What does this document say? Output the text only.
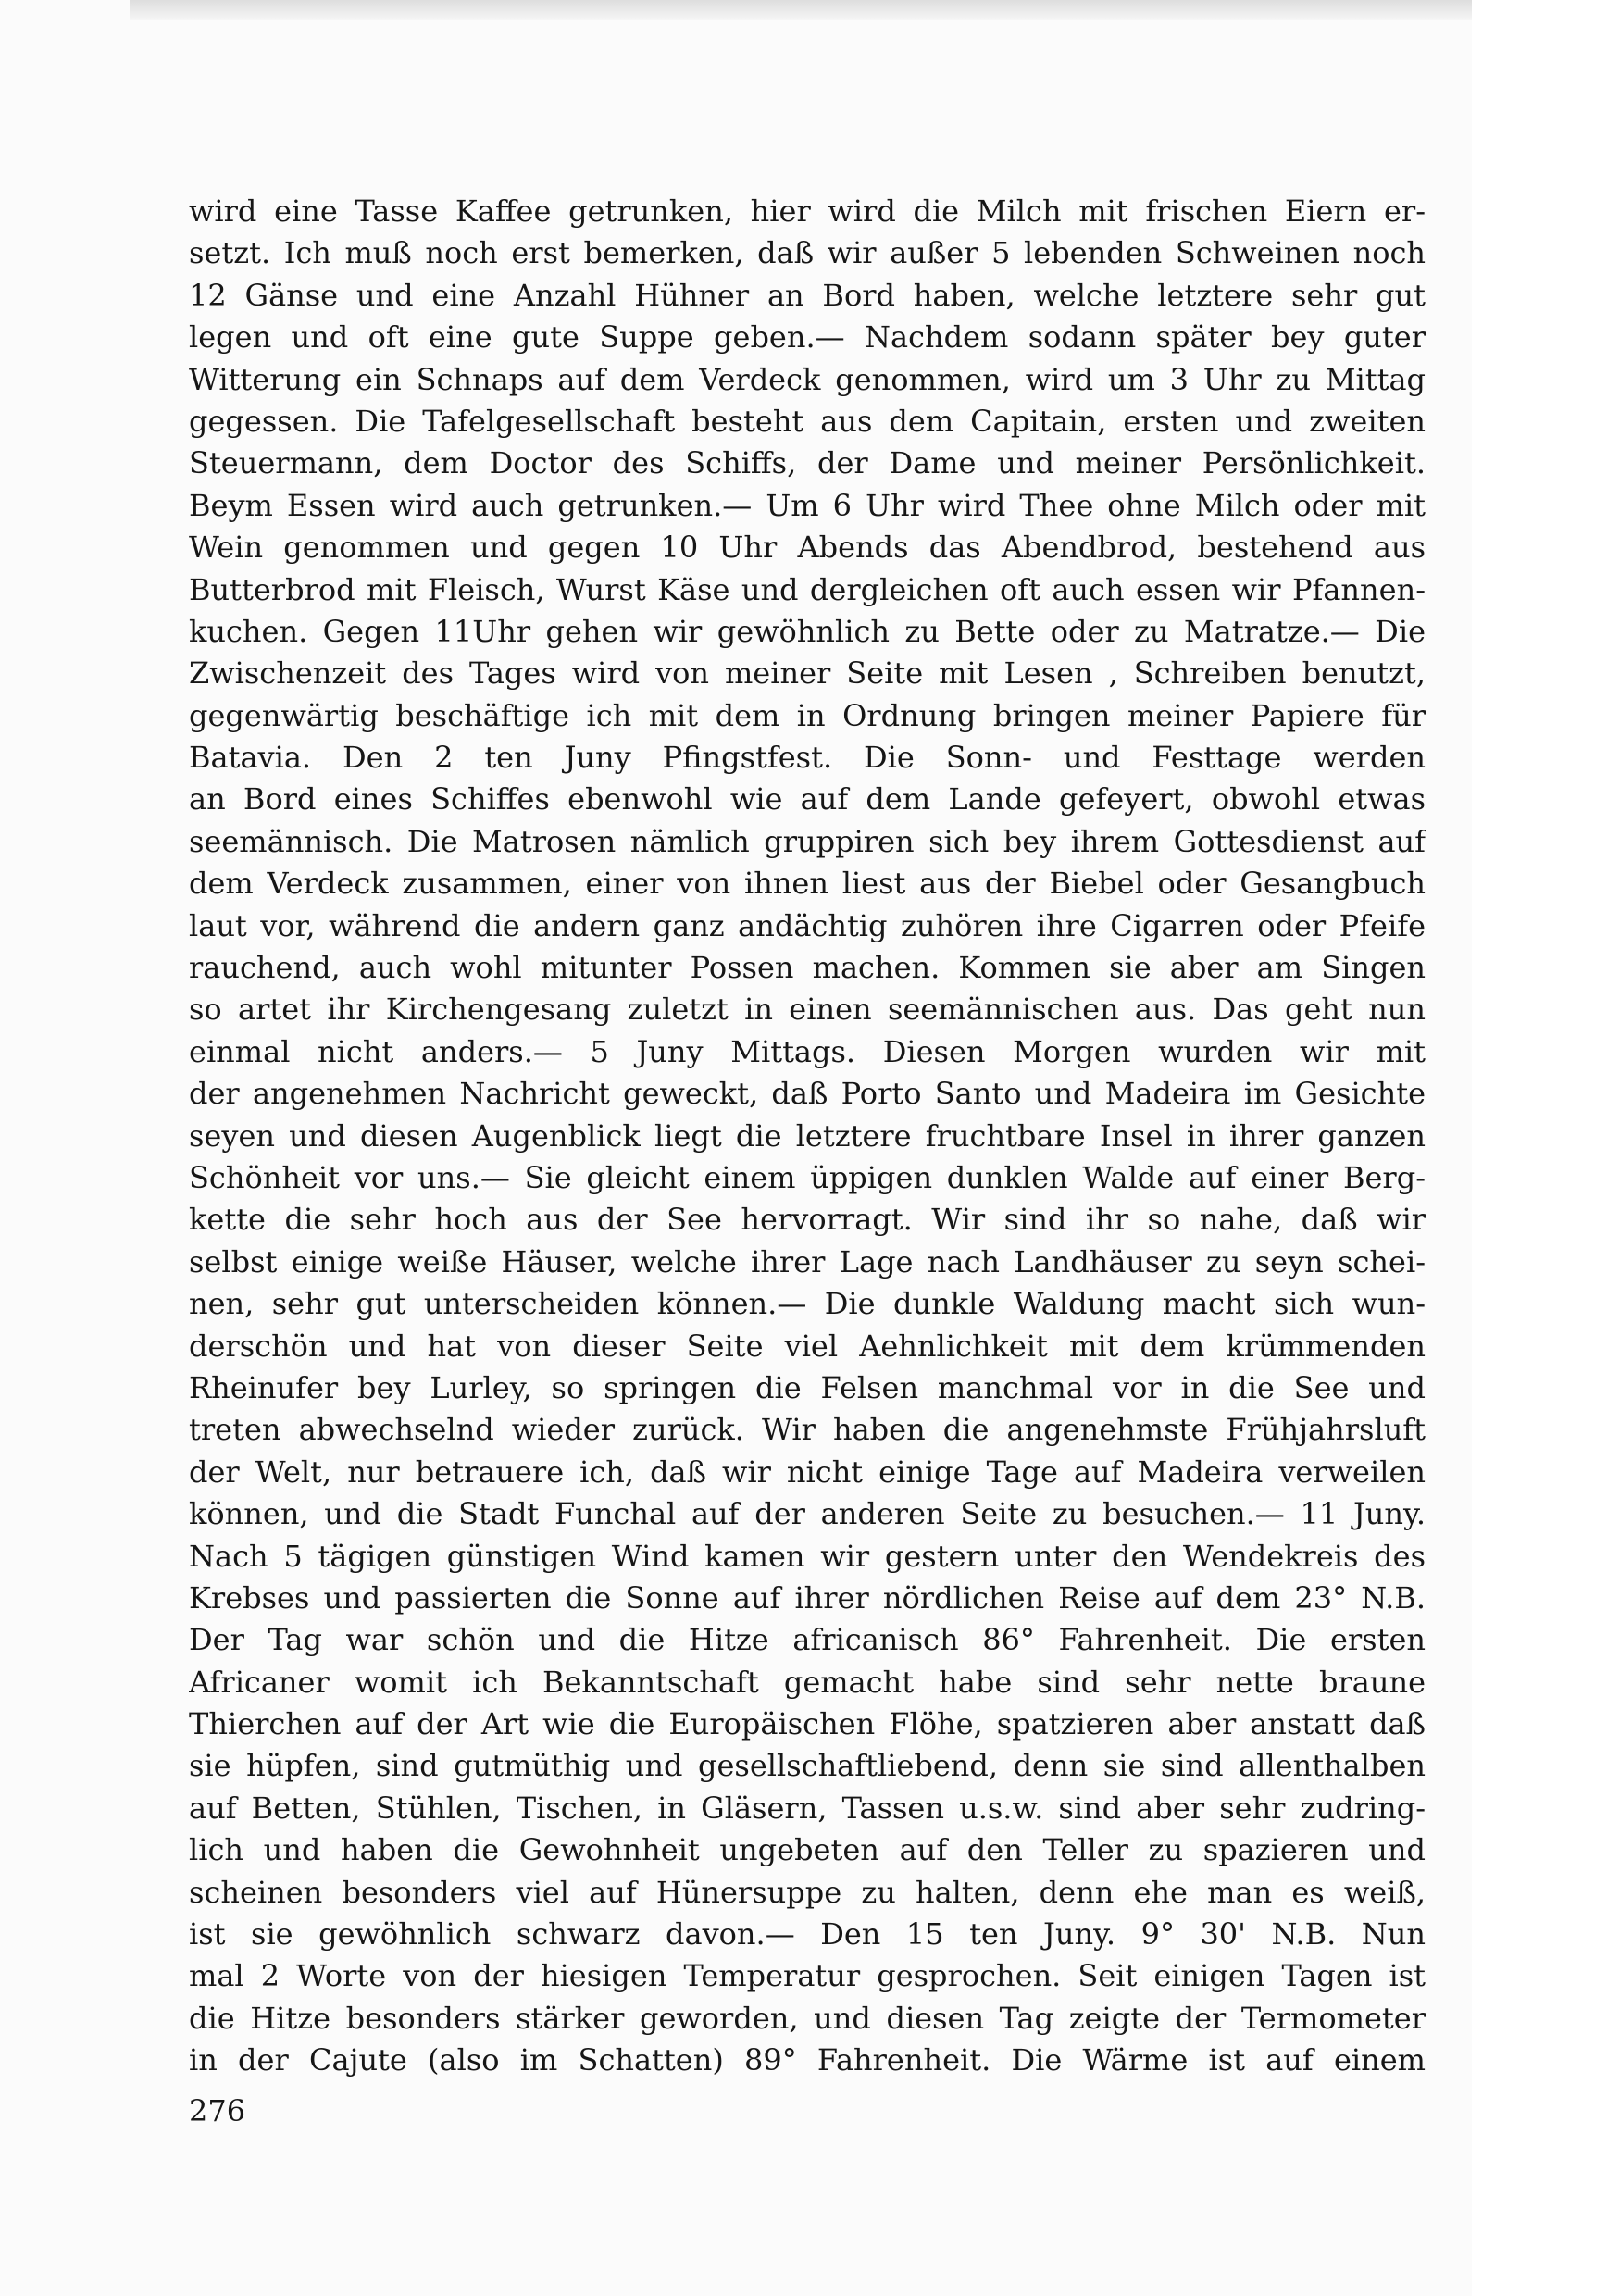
wird eine Tasse Kaffee getrunken, hier wird die Milch mit frischen Eiern er-
setzt. Ich muß noch erst bemerken, daß wir außer 5 lebenden Schweinen noch
12 Gänse und eine Anzahl Hühner an Bord haben, welche letztere sehr gut
legen und oft eine gute Suppe geben.— Nachdem sodann später bey guter
Witterung ein Schnaps auf dem Verdeck genommen, wird um 3 Uhr zu Mittag
gegessen. Die Tafelgesellschaft besteht aus dem Capitain, ersten und zweiten
Steuermann, dem Doctor des Schiffs, der Dame und meiner Persönlichkeit.
Beym Essen wird auch getrunken.— Um 6 Uhr wird Thee ohne Milch oder mit
Wein genommen und gegen 10 Uhr Abends das Abendbrod, bestehend aus
Butterbrod mit Fleisch, Wurst Käse und dergleichen oft auch essen wir Pfannen-
kuchen. Gegen 11Uhr gehen wir gewöhnlich zu Bette oder zu Matratze.— Die
Zwischenzeit des Tages wird von meiner Seite mit Lesen , Schreiben benutzt,
gegenwärtig beschäftige ich mit dem in Ordnung bringen meiner Papiere für
Batavia. Den 2 ten Juny Pfingstfest. Die Sonn- und Festtage werden
an Bord eines Schiffes ebenwohl wie auf dem Lande gefeyert, obwohl etwas
seemännisch. Die Matrosen nämlich gruppiren sich bey ihrem Gottesdienst auf
dem Verdeck zusammen, einer von ihnen liest aus der Biebel oder Gesangbuch
laut vor, während die andern ganz andächtig zuhören ihre Cigarren oder Pfeife
rauchend, auch wohl mitunter Possen machen. Kommen sie aber am Singen
so artet ihr Kirchengesang zuletzt in einen seemännischen aus. Das geht nun
einmal nicht anders.— 5 Juny Mittags. Diesen Morgen wurden wir mit
der angenehmen Nachricht geweckt, daß Porto Santo und Madeira im Gesichte
seyen und diesen Augenblick liegt die letztere fruchtbare Insel in ihrer ganzen
Schönheit vor uns.— Sie gleicht einem üppigen dunklen Walde auf einer Berg-
kette die sehr hoch aus der See hervorragt. Wir sind ihr so nahe, daß wir
selbst einige weiße Häuser, welche ihrer Lage nach Landhäuser zu seyn schei-
nen, sehr gut unterscheiden können.— Die dunkle Waldung macht sich wun-
derschön und hat von dieser Seite viel Aehnlichkeit mit dem krümmenden
Rheinufer bey Lurley, so springen die Felsen manchmal vor in die See und
treten abwechselnd wieder zurück. Wir haben die angenehmste Frühjahrsluft
der Welt, nur betrauere ich, daß wir nicht einige Tage auf Madeira verweilen
können, und die Stadt Funchal auf der anderen Seite zu besuchen.— 11 Juny.
Nach 5 tägigen günstigen Wind kamen wir gestern unter den Wendekreis des
Krebses und passierten die Sonne auf ihrer nördlichen Reise auf dem 23° N.B.
Der Tag war schön und die Hitze africanisch 86° Fahrenheit. Die ersten
Africaner womit ich Bekanntschaft gemacht habe sind sehr nette braune
Thierchen auf der Art wie die Europäischen Flöhe, spatzieren aber anstatt daß
sie hüpfen, sind gutmüthig und gesellschaftliebend, denn sie sind allenthalben
auf Betten, Stühlen, Tischen, in Gläsern, Tassen u.s.w. sind aber sehr zudring-
lich und haben die Gewohnheit ungebeten auf den Teller zu spazieren und
scheinen besonders viel auf Hünersuppe zu halten, denn ehe man es weiß,
ist sie gewöhnlich schwarz davon.— Den 15 ten Juny. 9° 30' N.B. Nun
mal 2 Worte von der hiesigen Temperatur gesprochen. Seit einigen Tagen ist
die Hitze besonders stärker geworden, und diesen Tag zeigte der Termometer
in der Cajute (also im Schatten) 89° Fahrenheit. Die Wärme ist auf einem
276
